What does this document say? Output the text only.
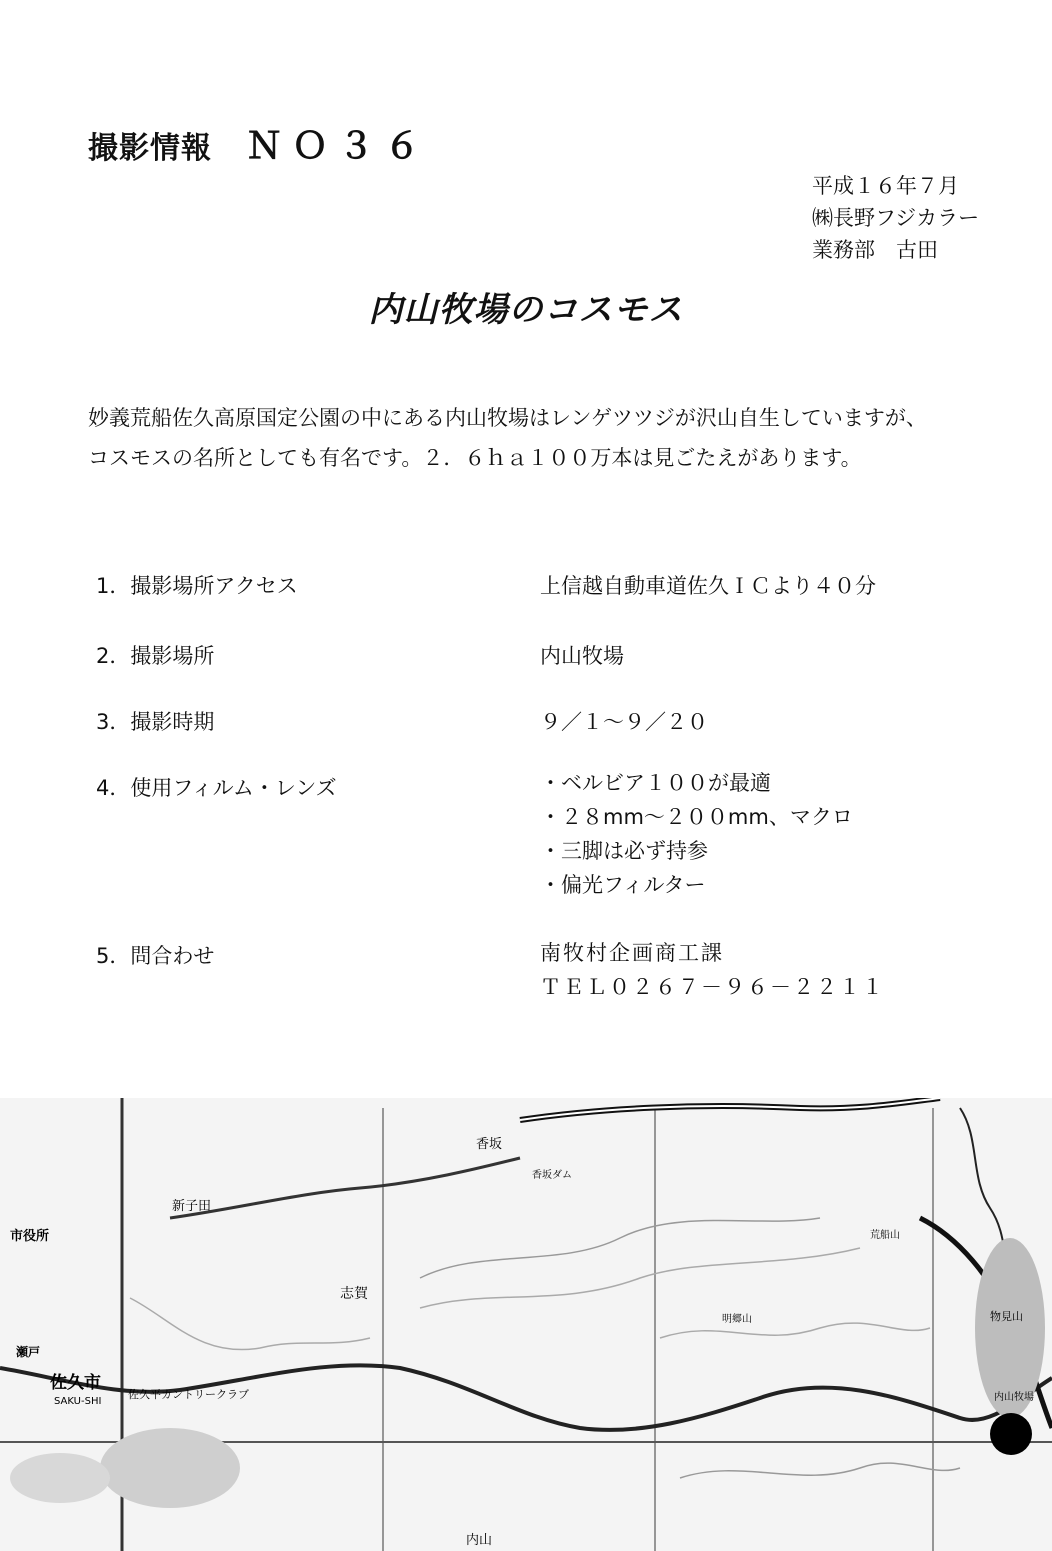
撮影情報 ＮＯ３６
平成１６年７月
㈱長野フジカラー
業務部　古田
内山牧場のコスモス
妙義荒船佐久高原国定公園の中にある内山牧場はレンゲツツジが沢山自生していますが、
コスモスの名所としても有名です。２．６ｈａ１００万本は見ごたえがあります。
1．撮影場所アクセス	上信越自動車道佐久ＩＣより４０分
2．撮影場所	内山牧場
3．撮影時期	９／１～９／２０
4．使用フィルム・レンズ	・ベルビア１００が最適
・２８mm～２００mm、マクロ
・三脚は必ず持参
・偏光フィルター
5．問合わせ	南牧村企画商工課
ＴＥＬ０２６７－９６－２２１１
佐久市
SAKU-SHI
市役所
新子田
志賀
香坂
香坂ダム
内山
内山牧場
物見山
明郷山
瀬戸
佐久平カントリークラブ
荒船山
